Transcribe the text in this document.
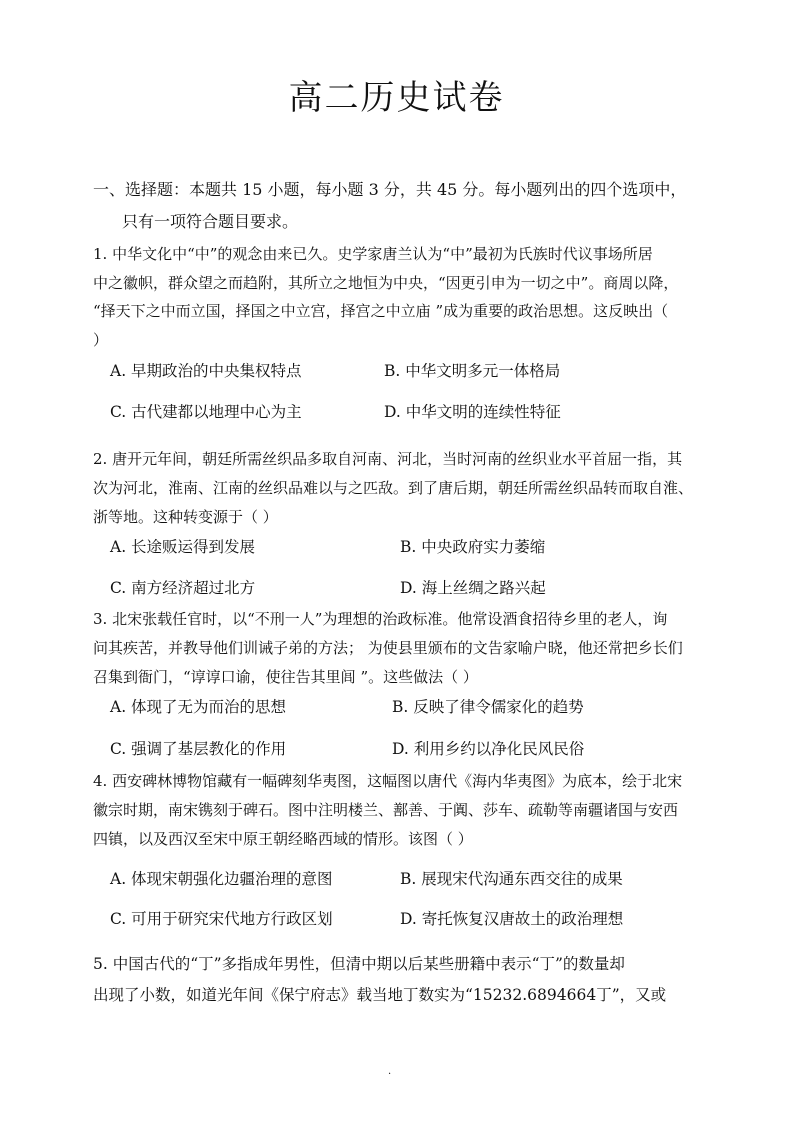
高二历史试卷
一、选择题：本题共 15 小题，每小题 3 分，共 45 分。每小题列出的四个选项中，
只有一项符合题目要求。
1. 中华文化中“中”的观念由来已久。史学家唐兰认为“中”最初为氏族时代议事场所居
中之徽帜，群众望之而趋附，其所立之地恒为中央，“因更引申为一切之中”。商周以降，
“择天下之中而立国，择国之中立宫，择宫之中立庙 ”成为重要的政治思想。这反映出（
）
A. 早期政治的中央集权特点	B. 中华文明多元一体格局
C. 古代建都以地理中心为主	D. 中华文明的连续性特征
2. 唐开元年间，朝廷所需丝织品多取自河南、河北，当时河南的丝织业水平首屈一指，其
次为河北，淮南、江南的丝织品难以与之匹敌。到了唐后期，朝廷所需丝织品转而取自淮、
浙等地。这种转变源于（ ）
A. 长途贩运得到发展	B. 中央政府实力萎缩
C. 南方经济超过北方	D. 海上丝绸之路兴起
3. 北宋张载任官时，以“不刑一人”为理想的治政标准。他常设酒食招待乡里的老人，询
问其疾苦，并教导他们训诫子弟的方法； 为使县里颁布的文告家喻户晓，他还常把乡长们
召集到衙门，“谆谆口谕，使往告其里闾 ”。这些做法（ ）
A. 体现了无为而治的思想	B. 反映了律令儒家化的趋势
C. 强调了基层教化的作用	D. 利用乡约以净化民风民俗
4. 西安碑林博物馆藏有一幅碑刻华夷图，这幅图以唐代《海内华夷图》为底本，绘于北宋
徽宗时期，南宋镌刻于碑石。图中注明楼兰、鄯善、于阗、莎车、疏勒等南疆诸国与安西
四镇，以及西汉至宋中原王朝经略西域的情形。该图（ ）
A. 体现宋朝强化边疆治理的意图	B. 展现宋代沟通东西交往的成果
C. 可用于研究宋代地方行政区划	D. 寄托恢复汉唐故土的政治理想
5. 中国古代的“丁”多指成年男性，但清中期以后某些册籍中表示“丁”的数量却
出现了小数，如道光年间《保宁府志》载当地丁数实为“15232.6894664丁”，又或
.
